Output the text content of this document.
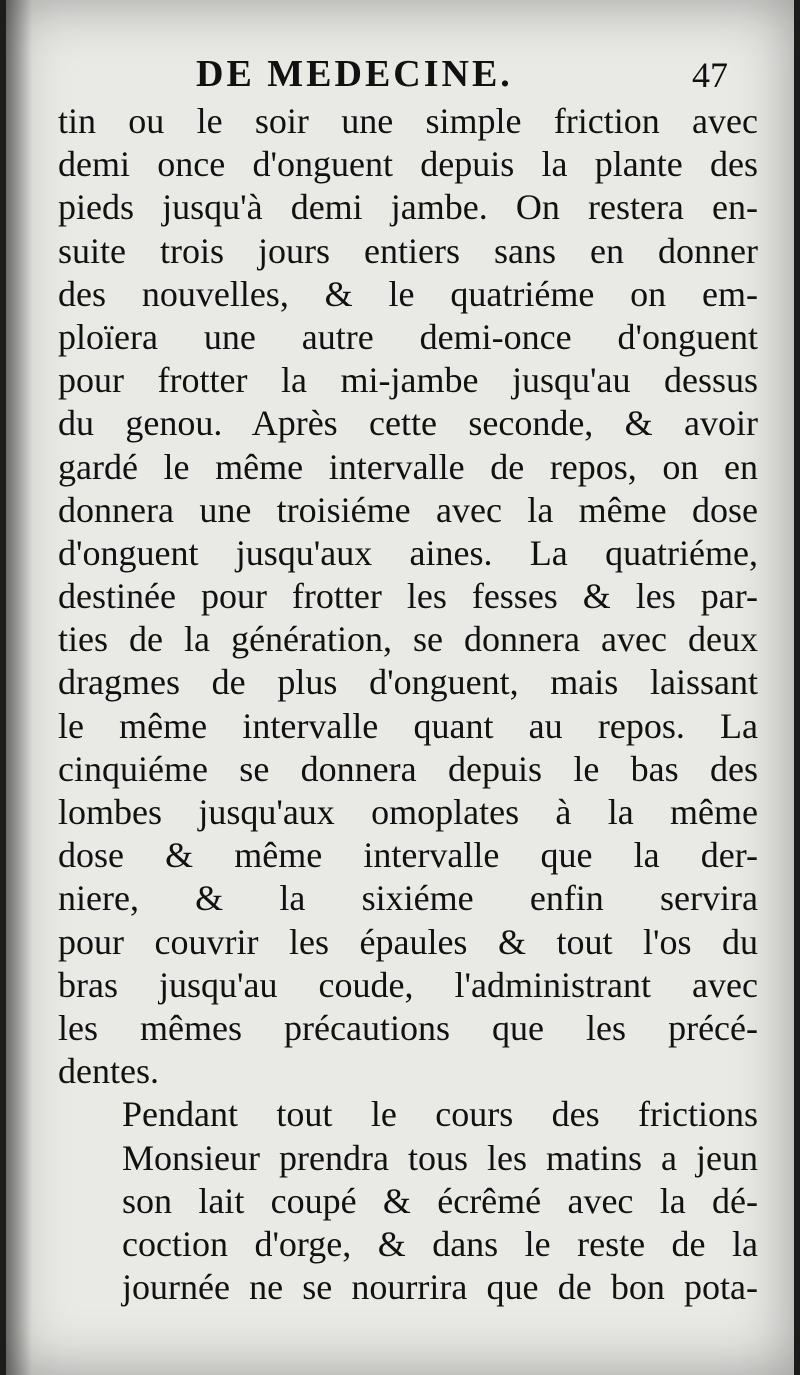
DE MEDECINE.	47
tin ou le soir une simple friction avec
demi once d'onguent depuis la plante des
pieds jusqu'à demi jambe. On restera en-
suite trois jours entiers sans en donner
des nouvelles, & le quatriéme on em-
ploïera une autre demi-once d'onguent
pour frotter la mi-jambe jusqu'au dessus
du genou. Après cette seconde, & avoir
gardé le même intervalle de repos, on en
donnera une troisiéme avec la même dose
d'onguent jusqu'aux aines. La quatriéme,
destinée pour frotter les fesses & les par-
ties de la génération, se donnera avec deux
dragmes de plus d'onguent, mais laissant
le même intervalle quant au repos. La
cinquiéme se donnera depuis le bas des
lombes jusqu'aux omoplates à la même
dose & même intervalle que la der-
niere, & la sixiéme enfin servira
pour couvrir les épaules & tout l'os du
bras jusqu'au coude, l'administrant avec
les mêmes précautions que les précé-
dentes.
Pendant tout le cours des frictions
Monsieur prendra tous les matins a jeun
son lait coupé & écrêmé avec la dé-
coction d'orge, & dans le reste de la
journée ne se nourrira que de bon pota-
